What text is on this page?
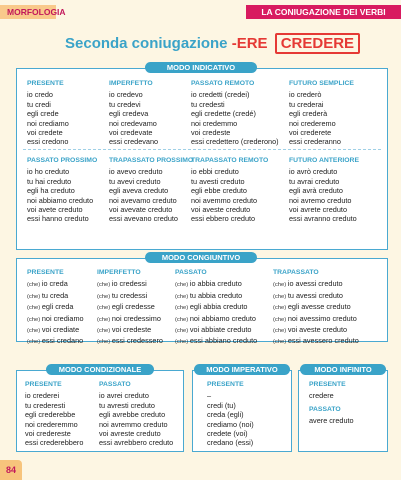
MORFOLOGIA	LA CONIUGAZIONE DEI VERBI
Seconda coniugazione -ERE CREDERE
PRESENTE
io credo
tu credi
egli crede
noi crediamo
voi credete
essi credono
IMPERFETTO
io credevo
tu credevi
egli credeva
noi credevamo
voi credevate
essi credevano
PASSATO REMOTO
io credetti (credei)
tu credesti
egli credette (credé)
noi credemmo
voi credeste
essi credettero (crederono)
FUTURO SEMPLICE
io crederò
tu crederai
egli crederà
noi crederemo
voi crederete
essi crederanno
PASSATO PROSSIMO
io ho creduto
tu hai creduto
egli ha creduto
noi abbiamo creduto
voi avete creduto
essi hanno creduto
TRAPASSATO PROSSIMO
io avevo creduto
tu avevi creduto
egli aveva creduto
noi avevamo creduto
voi avevate creduto
essi avevano creduto
TRAPASSATO REMOTO
io ebbi creduto
tu avesti creduto
egli ebbe creduto
noi avemmo creduto
voi aveste creduto
essi ebbero creduto
FUTURO ANTERIORE
io avrò creduto
tu avrai creduto
egli avrà creduto
noi avremo creduto
voi avrete creduto
essi avranno creduto
MODO INDICATIVO
PRESENTE
(che) io creda
(che) tu creda
(che) egli creda
(che) noi crediamo
(che) voi crediate
(che) essi credano
IMPERFETTO
(che) io credessi
(che) tu credessi
(che) egli credesse
(che) noi credessimo
(che) voi credeste
(che) essi credessero
PASSATO
(che) io abbia creduto
(che) tu abbia creduto
(che) egli abbia creduto
(che) noi abbiamo creduto
(che) voi abbiate creduto
(che) essi abbiano creduto
TRAPASSATO
(che) io avessi creduto
(che) tu avessi creduto
(che) egli avesse creduto
(che) noi avessimo creduto
(che) voi aveste creduto
(che) essi avessero creduto
MODO CONGIUNTIVO
PRESENTE
io crederei
tu crederesti
egli crederebbe
noi crederemmo
voi credereste
essi crederebbero
PASSATO
io avrei creduto
tu avresti creduto
egli avrebbe creduto
noi avremmo creduto
voi avreste creduto
essi avrebbero creduto
MODO CONDIZIONALE
PRESENTE
–
credi (tu)
creda (egli)
crediamo (noi)
credete (voi)
credano (essi)
MODO IMPERATIVO
PRESENTE
credere
PASSATO
avere creduto
MODO INFINITO
84
